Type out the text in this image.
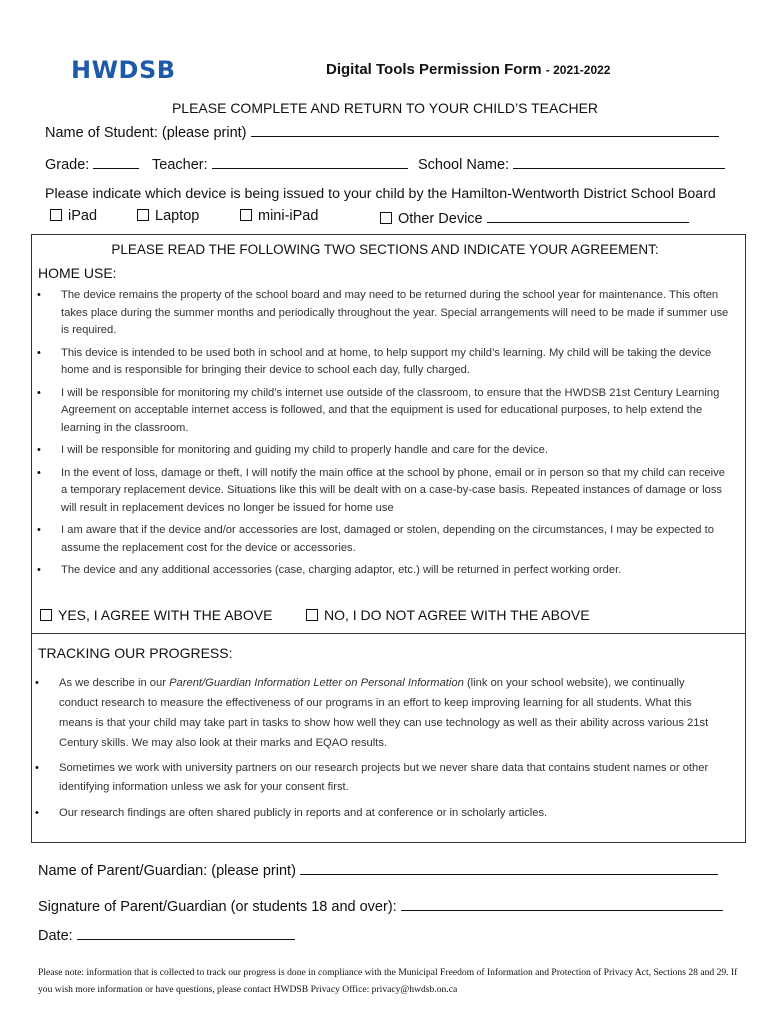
HWDSB	Digital Tools Permission Form - 2021-2022
PLEASE COMPLETE AND RETURN TO YOUR CHILD’S TEACHER
Name of Student: (please print)
Grade:	Teacher:	School Name:
Please indicate which device is being issued to your child by the Hamilton-Wentworth District School Board
iPad	Laptop	mini-iPad	Other Device
PLEASE READ THE FOLLOWING TWO SECTIONS AND INDICATE YOUR AGREEMENT:
HOME USE:
• The device remains the property of the school board and may need to be returned during the school year for maintenance. This often takes place during the summer months and periodically throughout the year. Special arrangements will need to be made if summer use is required.
• This device is intended to be used both in school and at home, to help support my child’s learning. My child will be taking the device home and is responsible for bringing their device to school each day, fully charged.
• I will be responsible for monitoring my child’s internet use outside of the classroom, to ensure that the HWDSB 21st Century Learning Agreement on acceptable internet access is followed, and that the equipment is used for educational purposes, to help extend the learning in the classroom.
• I will be responsible for monitoring and guiding my child to properly handle and care for the device.
• In the event of loss, damage or theft, I will notify the main office at the school by phone, email or in person so that my child can receive a temporary replacement device. Situations like this will be dealt with on a case-by-case basis. Repeated instances of damage or loss will result in replacement devices no longer be issued for home use
• I am aware that if the device and/or accessories are lost, damaged or stolen, depending on the circumstances, I may be expected to assume the replacement cost for the device or accessories.
• The device and any additional accessories (case, charging adaptor, etc.) will be returned in perfect working order.
YES, I AGREE WITH THE ABOVE	NO, I DO NOT AGREE WITH THE ABOVE
TRACKING OUR PROGRESS:
• As we describe in our Parent/Guardian Information Letter on Personal Information (link on your school website), we continually conduct research to measure the effectiveness of our programs in an effort to keep improving learning for all students. What this means is that your child may take part in tasks to show how well they can use technology as well as their ability across various 21st Century skills. We may also look at their marks and EQAO results.
• Sometimes we work with university partners on our research projects but we never share data that contains student names or other identifying information unless we ask for your consent first.
• Our research findings are often shared publicly in reports and at conference or in scholarly articles.
Name of Parent/Guardian: (please print)
Signature of Parent/Guardian (or students 18 and over):
Date:
Please note: information that is collected to track our progress is done in compliance with the Municipal Freedom of Information and Protection of Privacy Act, Sections 28 and 29. If you wish more information or have questions, please contact HWDSB Privacy Office: privacy@hwdsb.on.ca
